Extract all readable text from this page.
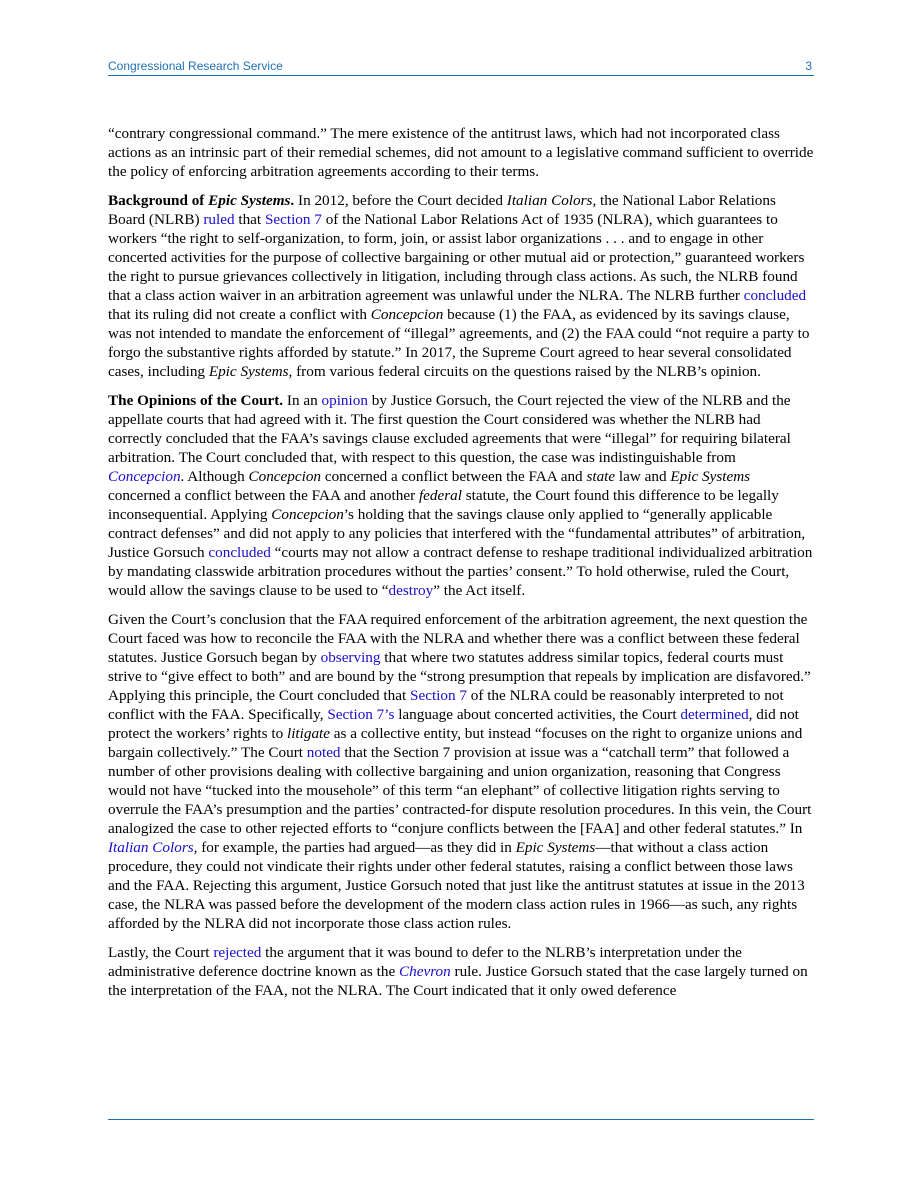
Congressional Research Service	3

“contrary congressional command.” The mere existence of the antitrust laws, which had not incorporated class actions as an intrinsic part of their remedial schemes, did not amount to a legislative command sufficient to override the policy of enforcing arbitration agreements according to their terms.

Background of Epic Systems. In 2012, before the Court decided Italian Colors, the National Labor Relations Board (NLRB) ruled that Section 7 of the National Labor Relations Act of 1935 (NLRA), which guarantees to workers “the right to self-organization, to form, join, or assist labor organizations . . . and to engage in other concerted activities for the purpose of collective bargaining or other mutual aid or protection,” guaranteed workers the right to pursue grievances collectively in litigation, including through class actions. As such, the NLRB found that a class action waiver in an arbitration agreement was unlawful under the NLRA. The NLRB further concluded that its ruling did not create a conflict with Concepcion because (1) the FAA, as evidenced by its savings clause, was not intended to mandate the enforcement of “illegal” agreements, and (2) the FAA could “not require a party to forgo the substantive rights afforded by statute.” In 2017, the Supreme Court agreed to hear several consolidated cases, including Epic Systems, from various federal circuits on the questions raised by the NLRB’s opinion.

The Opinions of the Court. In an opinion by Justice Gorsuch, the Court rejected the view of the NLRB and the appellate courts that had agreed with it. The first question the Court considered was whether the NLRB had correctly concluded that the FAA’s savings clause excluded agreements that were “illegal” for requiring bilateral arbitration. The Court concluded that, with respect to this question, the case was indistinguishable from Concepcion. Although Concepcion concerned a conflict between the FAA and state law and Epic Systems concerned a conflict between the FAA and another federal statute, the Court found this difference to be legally inconsequential. Applying Concepcion’s holding that the savings clause only applied to “generally applicable contract defenses” and did not apply to any policies that interfered with the “fundamental attributes” of arbitration, Justice Gorsuch concluded “courts may not allow a contract defense to reshape traditional individualized arbitration by mandating classwide arbitration procedures without the parties’ consent.” To hold otherwise, ruled the Court, would allow the savings clause to be used to “destroy” the Act itself.

Given the Court’s conclusion that the FAA required enforcement of the arbitration agreement, the next question the Court faced was how to reconcile the FAA with the NLRA and whether there was a conflict between these federal statutes. Justice Gorsuch began by observing that where two statutes address similar topics, federal courts must strive to “give effect to both” and are bound by the “strong presumption that repeals by implication are disfavored.” Applying this principle, the Court concluded that Section 7 of the NLRA could be reasonably interpreted to not conflict with the FAA. Specifically, Section 7’s language about concerted activities, the Court determined, did not protect the workers’ rights to litigate as a collective entity, but instead “focuses on the right to organize unions and bargain collectively.” The Court noted that the Section 7 provision at issue was a “catchall term” that followed a number of other provisions dealing with collective bargaining and union organization, reasoning that Congress would not have “tucked into the mousehole” of this term “an elephant” of collective litigation rights serving to overrule the FAA’s presumption and the parties’ contracted-for dispute resolution procedures. In this vein, the Court analogized the case to other rejected efforts to “conjure conflicts between the [FAA] and other federal statutes.” In Italian Colors, for example, the parties had argued—as they did in Epic Systems—that without a class action procedure, they could not vindicate their rights under other federal statutes, raising a conflict between those laws and the FAA. Rejecting this argument, Justice Gorsuch noted that just like the antitrust statutes at issue in the 2013 case, the NLRA was passed before the development of the modern class action rules in 1966—as such, any rights afforded by the NLRA did not incorporate those class action rules.

Lastly, the Court rejected the argument that it was bound to defer to the NLRB’s interpretation under the administrative deference doctrine known as the Chevron rule. Justice Gorsuch stated that the case largely turned on the interpretation of the FAA, not the NLRA. The Court indicated that it only owed deference
